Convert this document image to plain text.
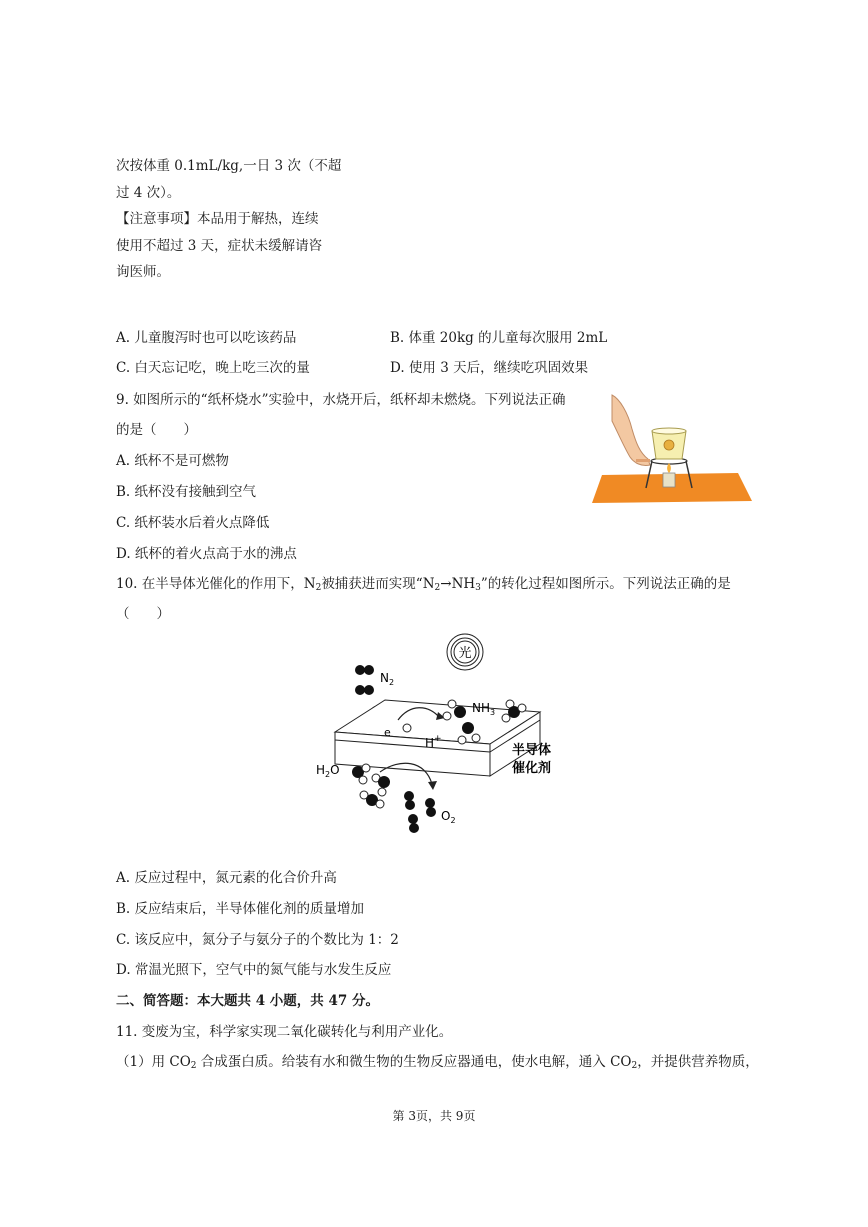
次按体重 0.1mL/kg,一日 3 次（不超
过 4 次）。
【注意事项】本品用于解热，连续
使用不超过 3 天，症状未缓解请咨
询医师。
A. 儿童腹泻时也可以吃该药品	B. 体重 20kg 的儿童每次服用 2mL
C. 白天忘记吃，晚上吃三次的量	D. 使用 3 天后，继续吃巩固效果
9. 如图所示的“纸杯烧水”实验中，水烧开后，纸杯却未燃烧。下列说法正确
的是（　　）
A. 纸杯不是可燃物
B. 纸杯没有接触到空气
C. 纸杯装水后着火点降低
D. 纸杯的着火点高于水的沸点
10. 在半导体光催化的作用下，$N_2$被捕获进而实现“$N_2\to NH_3$”的转化过程如图所示。下列说法正确的是
（　　）
光
$N_2$
e
H+
$NH_3$
半导体
催化剂
$H_2O$
$O_2$
A. 反应过程中，氮元素的化合价升高
B. 反应结束后，半导体催化剂的质量增加
C. 该反应中，氮分子与氨分子的个数比为 1：2
D. 常温光照下，空气中的氮气能与水发生反应
二、简答题：本大题共 4 小题，共 47 分。
11. 变废为宝，科学家实现二氧化碳转化与利用产业化。
（1）用 $CO_2$ 合成蛋白质。给装有水和微生物的生物反应器通电，使水电解，通入 $CO_2$，并提供营养物质，
第 3页，共 9页
